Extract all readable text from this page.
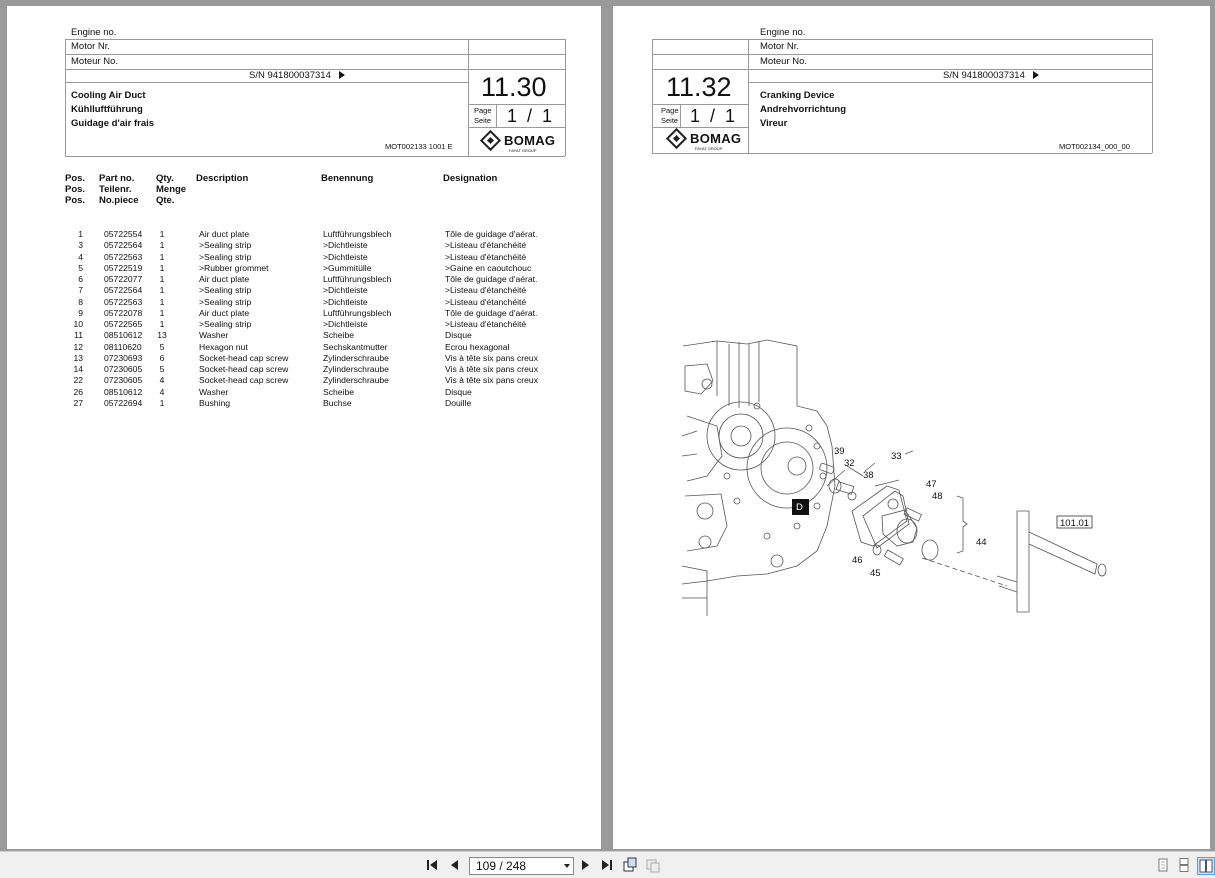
Engine no.
Motor Nr.
Moteur No.
S/N 941800037314
Cooling Air Duct
Kühlluftführung
Guidage d'air frais
MOT002133 1001 E
11.30
Page
Seite 1  /  1
BOMAG
FAYAT GROUP
Pos.
Pos.
Pos.
Part no.
Teilenr.
No.piece
Qty.
Menge
Qte.
Description	Benennung	Designation
1
3
4
5
6
7
8
9
10
11
12
13
14
22
26
27
05722554
05722564
05722563
05722519
05722077
05722564
05722563
05722078
05722565
08510612
08110620
07230693
07230605
07230605
08510612
05722694
1
1
1
1
1
1
1
1
1
13
5
6
5
4
4
1
Air duct plate
>Sealing strip
>Sealing strip
>Rubber grommet
Air duct plate
>Sealing strip
>Sealing strip
Air duct plate
>Sealing strip
Washer
Hexagon nut
Socket-head cap screw
Socket-head cap screw
Socket-head cap screw
Washer
Bushing
Luftführungsblech
>Dichtleiste
>Dichtleiste
>Gummitülle
Luftführungsblech
>Dichtleiste
>Dichtleiste
Luftführungsblech
>Dichtleiste
Scheibe
Sechskantmutter
Zylinderschraube
Zylinderschraube
Zylinderschraube
Scheibe
Buchse
Tôle de guidage d'aérat.
>Listeau d'étanchéité
>Listeau d'étanchéité
>Gaine en caoutchouc
Tôle de guidage d'aérat.
>Listeau d'étanchéité
>Listeau d'étanchéité
Tôle de guidage d'aérat.
>Listeau d'étanchéité
Disque
Ecrou hexagonal
Vis à tête six pans creux
Vis à tête six pans creux
Vis à tête six pans creux
Disque
Douille
Engine no.
Motor Nr.
Moteur No.
S/N 941800037314
Cranking Device
Andrehvorrichtung
Vireur
MOT002134_000_00
11.32
Page
Seite 1  /  1
BOMAG
FAYAT GROUP
39
32
33
38
47
48
44
46
45
D
101.01
109 / 248
